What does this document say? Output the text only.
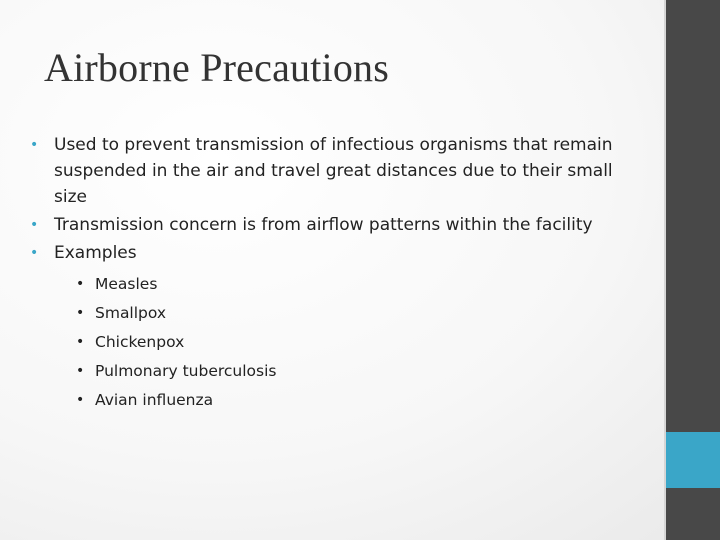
Airborne Precautions
• Used to prevent transmission of infectious organisms that remain suspended in the air and travel great distances due to their small size
• Transmission concern is from airflow patterns within the facility
• Examples
• Measles
• Smallpox
• Chickenpox
• Pulmonary tuberculosis
• Avian influenza
